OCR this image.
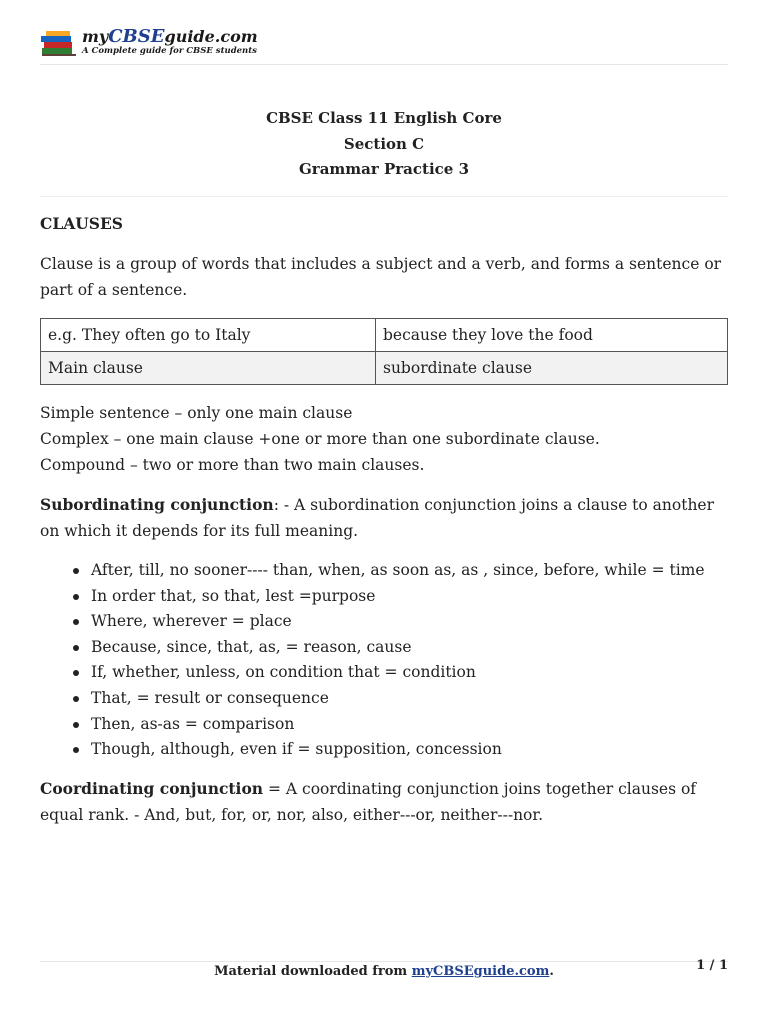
myCBSEguide.com
A Complete guide for CBSE students
CBSE Class 11 English Core
Section C
Grammar Practice 3
CLAUSES
Clause is a group of words that includes a subject and a verb, and forms a sentence or part of a sentence.
e.g. They often go to Italy	because they love the food
Main clause	subordinate clause
Simple sentence – only one main clause
Complex – one main clause +one or more than one subordinate clause.
Compound – two or more than two main clauses.
Subordinating conjunction: - A subordination conjunction joins a clause to another on which it depends for its full meaning.
After, till, no sooner---- than, when, as soon as, as , since, before, while = time
In order that, so that, lest =purpose
Where, wherever = place
Because, since, that, as, = reason, cause
If, whether, unless, on condition that = condition
That, = result or consequence
Then, as-as = comparison
Though, although, even if = supposition, concession
Coordinating conjunction = A coordinating conjunction joins together clauses of equal rank. - And, but, for, or, nor, also, either---or, neither---nor.
Material downloaded from myCBSEguide.com.	1 / 1
